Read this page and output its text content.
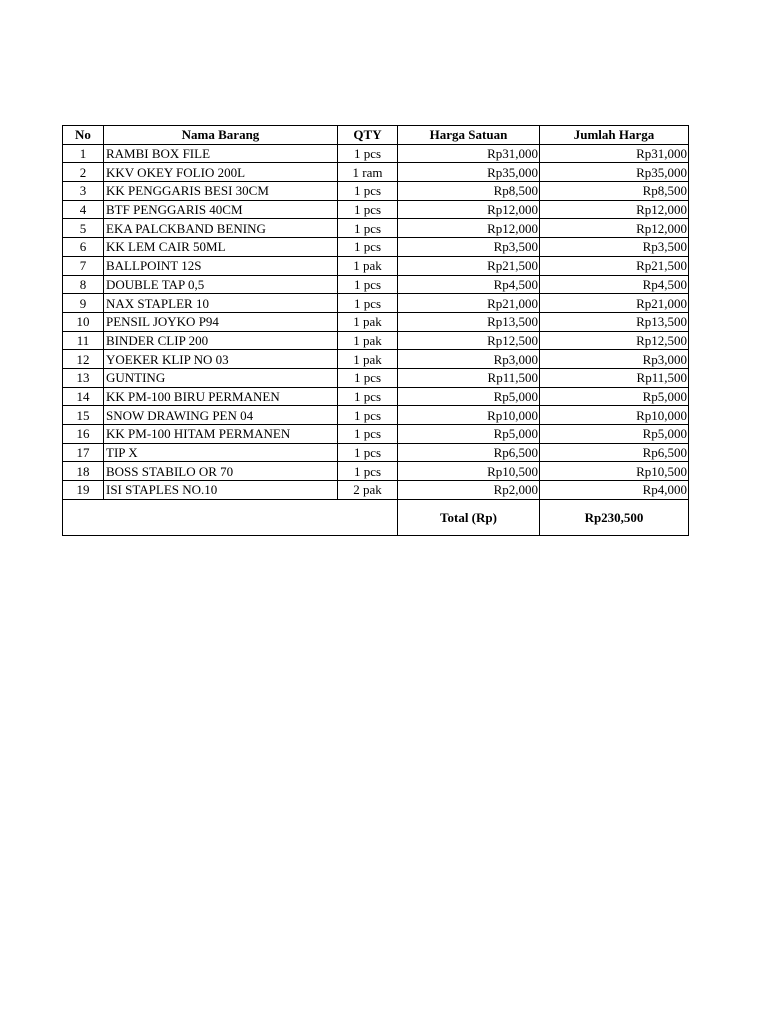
No	Nama Barang	QTY	Harga Satuan	Jumlah Harga
1	RAMBI BOX FILE	1 pcs	Rp31,000	Rp31,000
2	KKV OKEY FOLIO 200L	1 ram	Rp35,000	Rp35,000
3	KK PENGGARIS BESI 30CM	1 pcs	Rp8,500	Rp8,500
4	BTF PENGGARIS 40CM	1 pcs	Rp12,000	Rp12,000
5	EKA PALCKBAND BENING	1 pcs	Rp12,000	Rp12,000
6	KK LEM CAIR 50ML	1 pcs	Rp3,500	Rp3,500
7	BALLPOINT 12S	1 pak	Rp21,500	Rp21,500
8	DOUBLE TAP 0,5	1 pcs	Rp4,500	Rp4,500
9	NAX STAPLER 10	1 pcs	Rp21,000	Rp21,000
10	PENSIL JOYKO P94	1 pak	Rp13,500	Rp13,500
11	BINDER CLIP 200	1 pak	Rp12,500	Rp12,500
12	YOEKER KLIP NO 03	1 pak	Rp3,000	Rp3,000
13	GUNTING	1 pcs	Rp11,500	Rp11,500
14	KK PM-100 BIRU PERMANEN	1 pcs	Rp5,000	Rp5,000
15	SNOW DRAWING PEN 04	1 pcs	Rp10,000	Rp10,000
16	KK PM-100 HITAM PERMANEN	1 pcs	Rp5,000	Rp5,000
17	TIP X	1 pcs	Rp6,500	Rp6,500
18	BOSS STABILO OR 70	1 pcs	Rp10,500	Rp10,500
19	ISI STAPLES NO.10	2 pak	Rp2,000	Rp4,000
			Total (Rp)	Rp230,500
